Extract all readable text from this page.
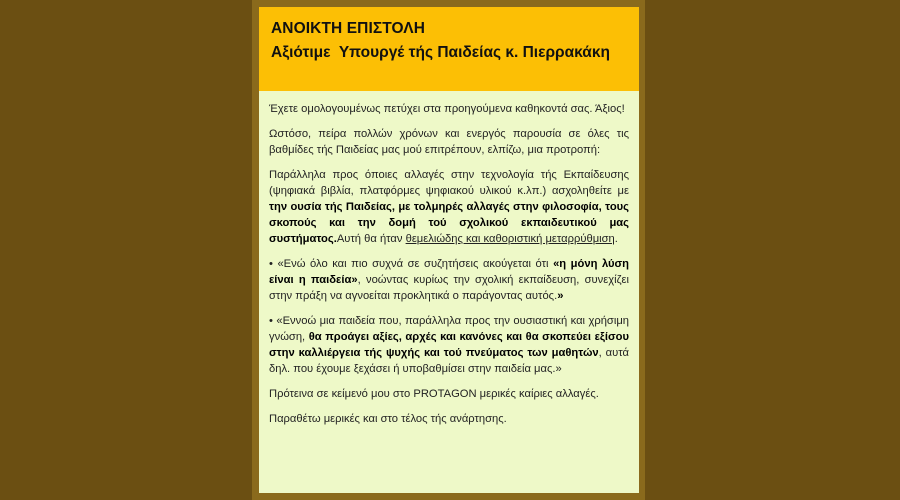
ΑΝΟΙΚΤΗ ΕΠΙΣΤΟΛΗ
Αξιότιμε  Υπουργέ τής Παιδείας κ. Πιερρακάκη

Έχετε ομολογουμένως πετύχει στα προηγούμενα καθηκοντά σας. Άξιος!

Ωστόσο, πείρα πολλών χρόνων και ενεργός παρουσία σε όλες τις βαθμίδες τής Παιδείας μας μού επιτρέπουν, ελπίζω, μια προτροπή:

Παράλληλα προς όποιες αλλαγές στην τεχνολογία τής Εκπαίδευσης (ψηφιακά βιβλία, πλατφόρμες ψηφιακού υλικού κ.λπ.) ασχοληθείτε με την ουσία τής Παιδείας, με τολμηρές αλλαγές στην φιλοσοφία, τους σκοπούς και την δομή τού σχολικού εκπαιδευτικού μας συστήματος.Αυτή θα ήταν θεμελιώδης και καθοριστική μεταρρύθμιση.

• «Ενώ όλο και πιο συχνά σε συζητήσεις ακούγεται ότι «η μόνη λύση είναι η παιδεία», νοώντας κυρίως την σχολική εκπαίδευση, συνεχίζει στην πράξη να αγνοείται προκλητικά ο παράγοντας αυτός.»

• «Εννοώ μια παιδεία που, παράλληλα προς την ουσιαστική και χρήσιμη γνώση, θα προάγει αξίες, αρχές και κανόνες και θα σκοπεύει εξίσου στην καλλιέργεια τής ψυχής και τού πνεύματος των μαθητών, αυτά δηλ. που έχουμε ξεχάσει ή υποβαθμίσει στην παιδεία μας.»

Πρότεινα σε κείμενό μου στο PROTAGON μερικές καίριες αλλαγές.

Παραθέτω μερικές και στο τέλος τής ανάρτησης.
